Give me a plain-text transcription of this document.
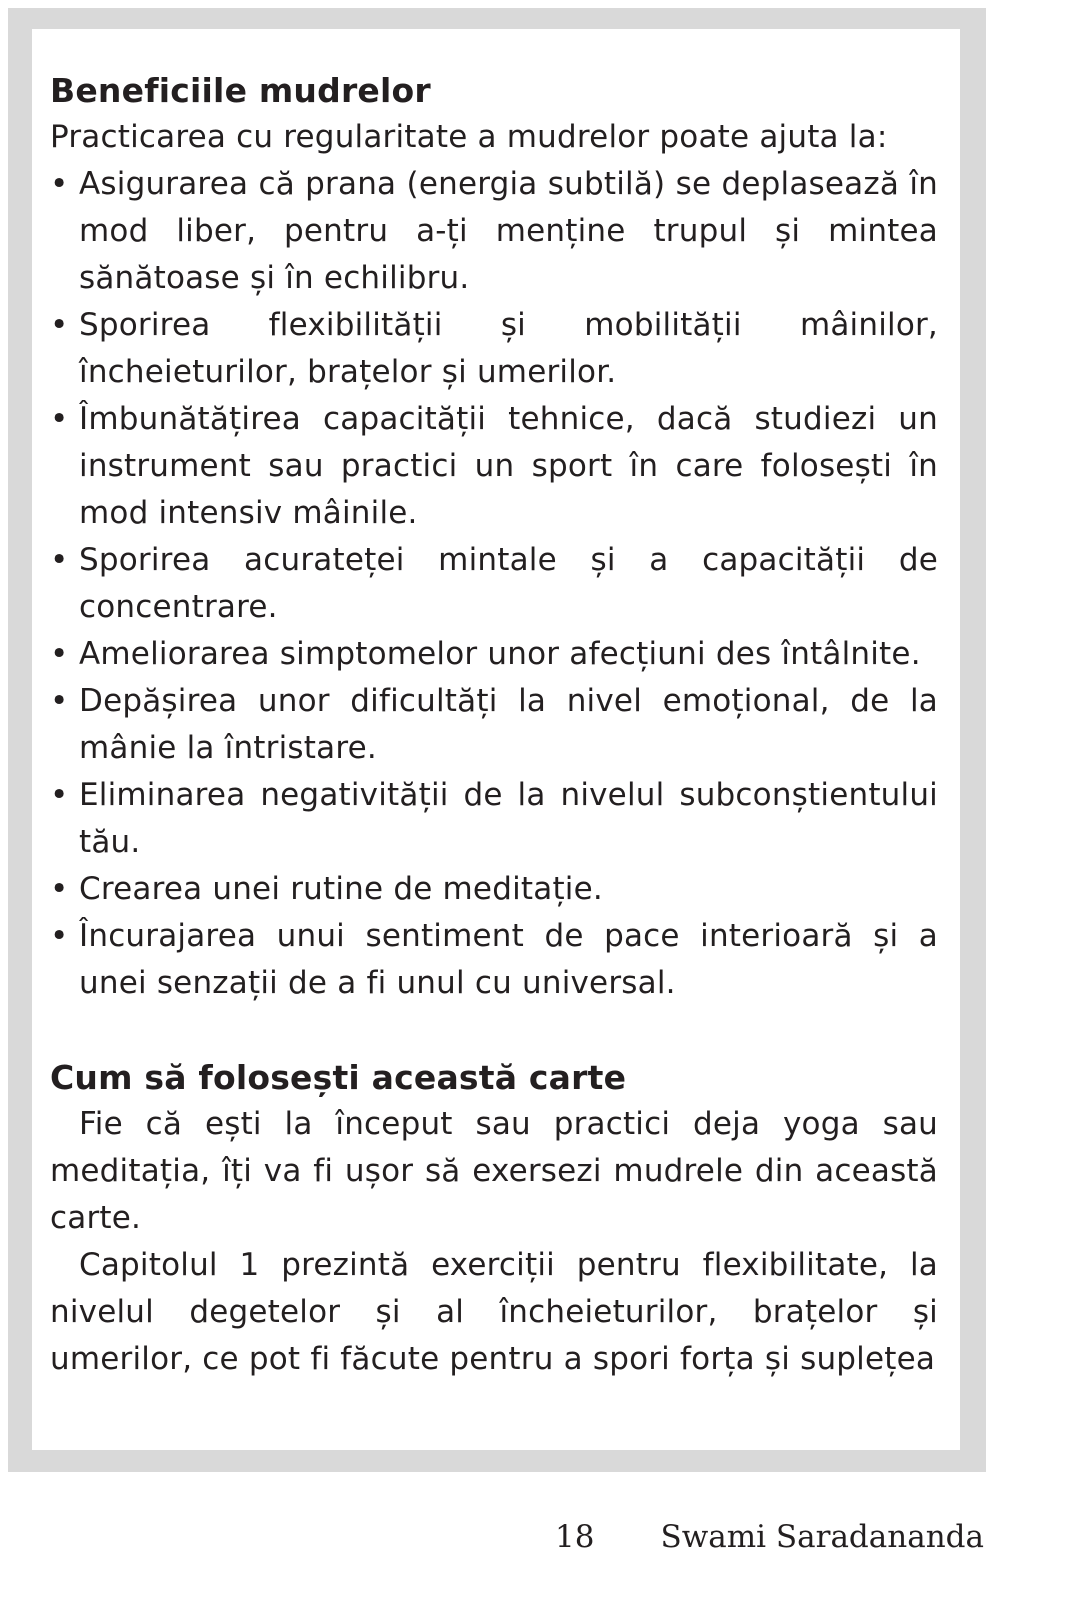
Beneficiile mudrelor

Practicarea cu regularitate a mudrelor poate ajuta la:

• Asigurarea că prana (energia subtilă) se deplasează în mod liber, pentru a-ți menține trupul și mintea sănătoase și în echilibru.
• Sporirea flexibilității și mobilității mâinilor, încheieturilor, brațelor și umerilor.
• Îmbunătățirea capacității tehnice, dacă studiezi un instrument sau practici un sport în care folosești în mod intensiv mâinile.
• Sporirea acurateței mintale și a capacității de concentrare.
• Ameliorarea simptomelor unor afecțiuni des întâlnite.
• Depășirea unor dificultăți la nivel emoțional, de la mânie la întristare.
• Eliminarea negativității de la nivelul subconștientului tău.
• Crearea unei rutine de meditație.
• Încurajarea unui sentiment de pace interioară și a unei senzații de a fi unul cu universal.
Cum să folosești această carte

Fie că ești la început sau practici deja yoga sau meditația, îți va fi ușor să exersezi mudrele din această carte.

Capitolul 1 prezintă exerciții pentru flexibilitate, la nivelul degetelor și al încheieturilor, brațelor și umerilor, ce pot fi făcute pentru a spori forța și suplețea

18 Swami Saradananda
